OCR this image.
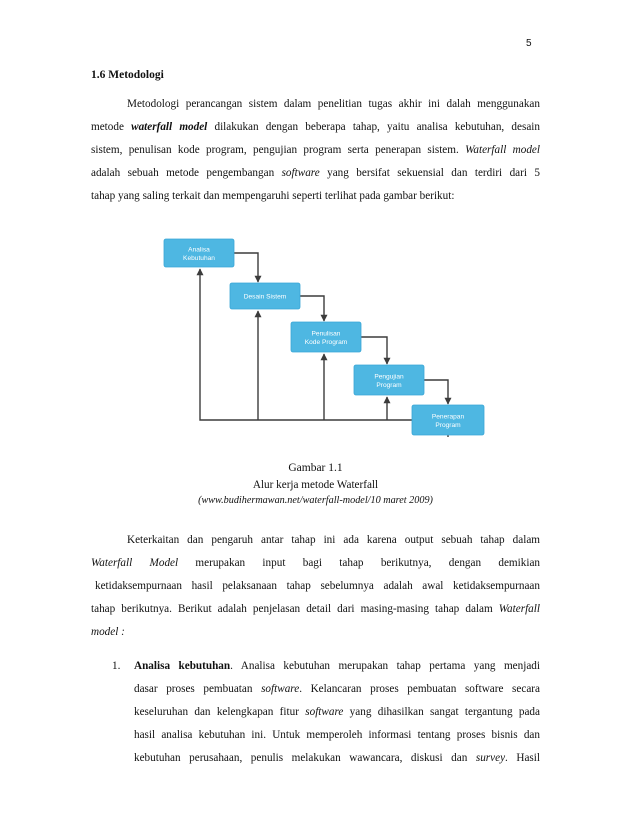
5
1.6 Metodologi
Metodologi perancangan sistem dalam penelitian tugas akhir ini dalah menggunakan
metode waterfall model dilakukan dengan beberapa tahap, yaitu analisa kebutuhan, desain
sistem, penulisan kode program, pengujian program serta penerapan sistem. Waterfall model
adalah sebuah metode pengembangan software yang bersifat sekuensial dan terdiri dari 5
tahap yang saling terkait dan mempengaruhi seperti terlihat pada gambar berikut:
Analisa
Kebutuhan
Desain Sistem
Penulisan
Kode Program
Pengujian
Program
Penerapan
Program
Gambar 1.1
Alur kerja metode Waterfall
(www.budihermawan.net/waterfall-model/10 maret 2009)
Keterkaitan dan pengaruh antar tahap ini ada karena output sebuah tahap dalam
Waterfall Model merupakan input bagi tahap berikutnya, dengan demikian
ketidaksempurnaan hasil pelaksanaan tahap sebelumnya adalah awal ketidaksempurnaan
tahap berikutnya. Berikut adalah penjelasan detail dari masing-masing tahap dalam Waterfall
model :
1. Analisa kebutuhan. Analisa kebutuhan merupakan tahap pertama yang menjadi
dasar proses pembuatan software. Kelancaran proses pembuatan software secara
keseluruhan dan kelengkapan fitur software yang dihasilkan sangat tergantung pada
hasil analisa kebutuhan ini. Untuk memperoleh informasi tentang proses bisnis dan
kebutuhan perusahaan, penulis melakukan wawancara, diskusi dan survey. Hasil
